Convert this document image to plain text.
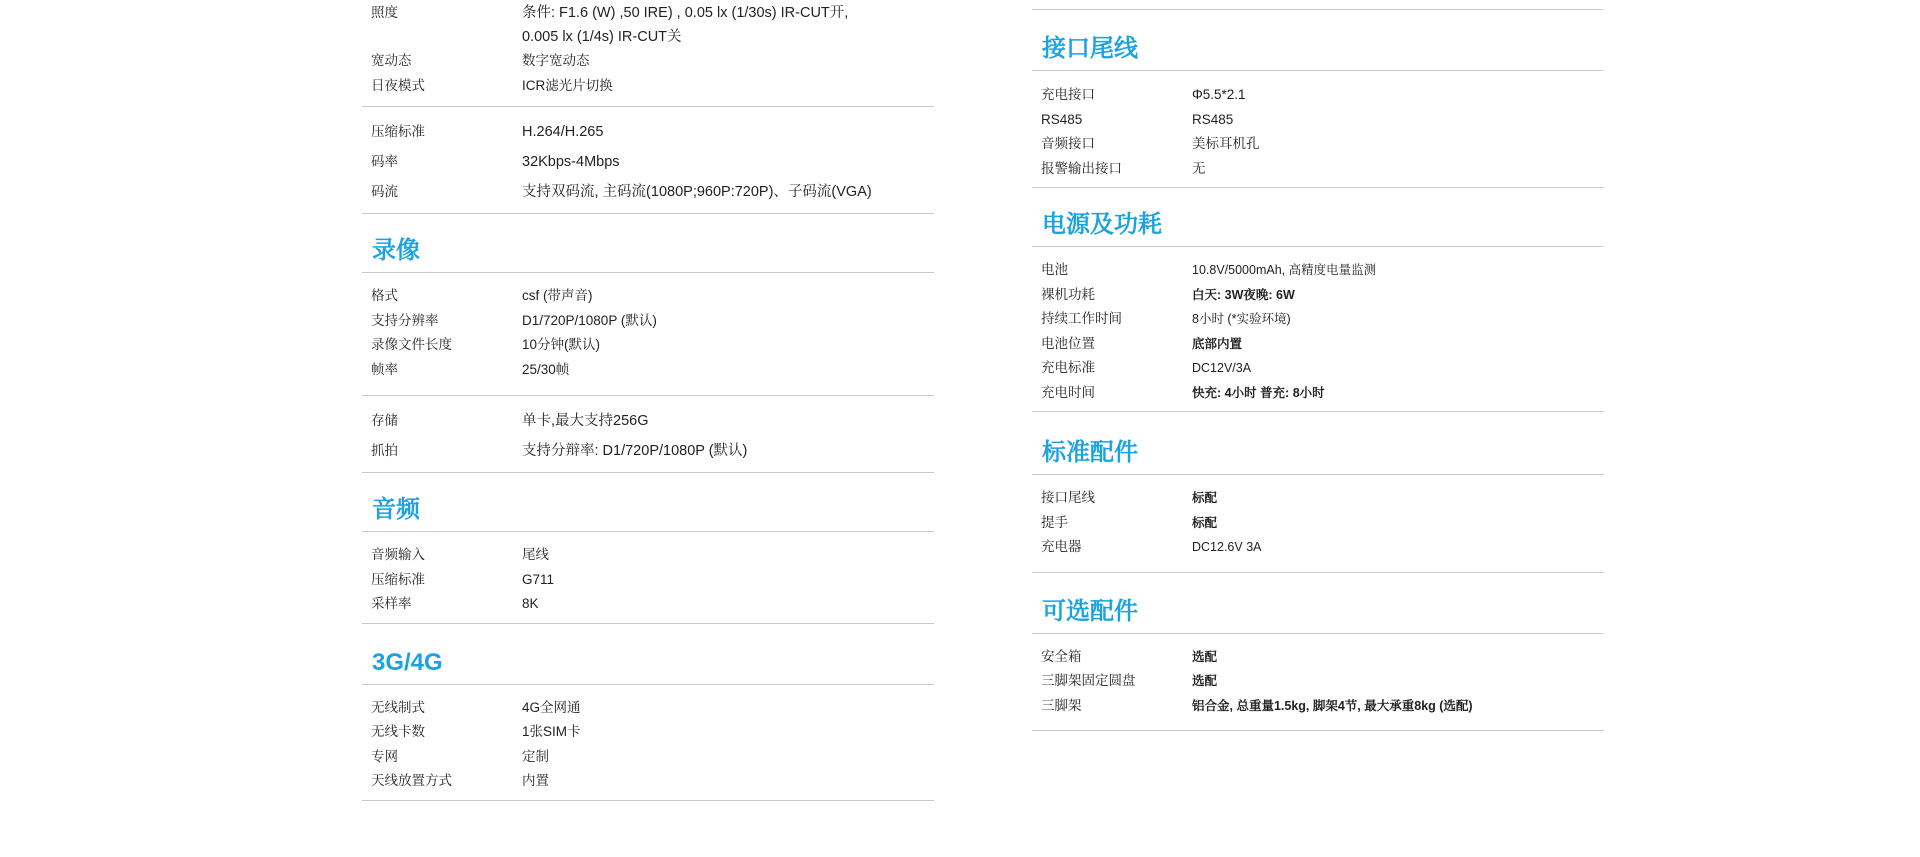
照度	条件: F1.6 (W) ,50 IRE) , 0.05 lx (1/30s) IR-CUT开,
0.005 lx (1/4s) IR-CUT关
宽动态	数字宽动态
日夜模式	ICR滤光片切换
压缩标准	H.264/H.265
码率	32Kbps-4Mbps
码流	支持双码流, 主码流(1080P;960P:720P)、子码流(VGA)
录像
格式	csf (带声音)
支持分辨率	D1/720P/1080P (默认)
录像文件长度	10分钟(默认)
帧率	25/30帧
存储	单卡,最大支持256G
抓拍	支持分辩率: D1/720P/1080P (默认)
音频
音频输入	尾线
压缩标准	G711
采样率	8K
3G/4G
无线制式	4G全网通
无线卡数	1张SIM卡
专网	定制
天线放置方式	内置
接口尾线
充电接口	Φ5.5*2.1
RS485	RS485
音频接口	美标耳机孔
报警输出接口	无
电源及功耗
电池	10.8V/5000mAh, 高精度电量监测
裸机功耗	白天: 3W夜晚: 6W
持续工作时间	8小时 (*实验环境)
电池位置	底部内置
充电标准	DC12V/3A
充电时间	快充: 4小时 普充: 8小时
标准配件
接口尾线	标配
提手	标配
充电器	DC12.6V 3A
可选配件
安全箱	选配
三脚架固定圆盘	选配
三脚架	铝合金, 总重量1.5kg, 脚架4节, 最大承重8kg (选配)
